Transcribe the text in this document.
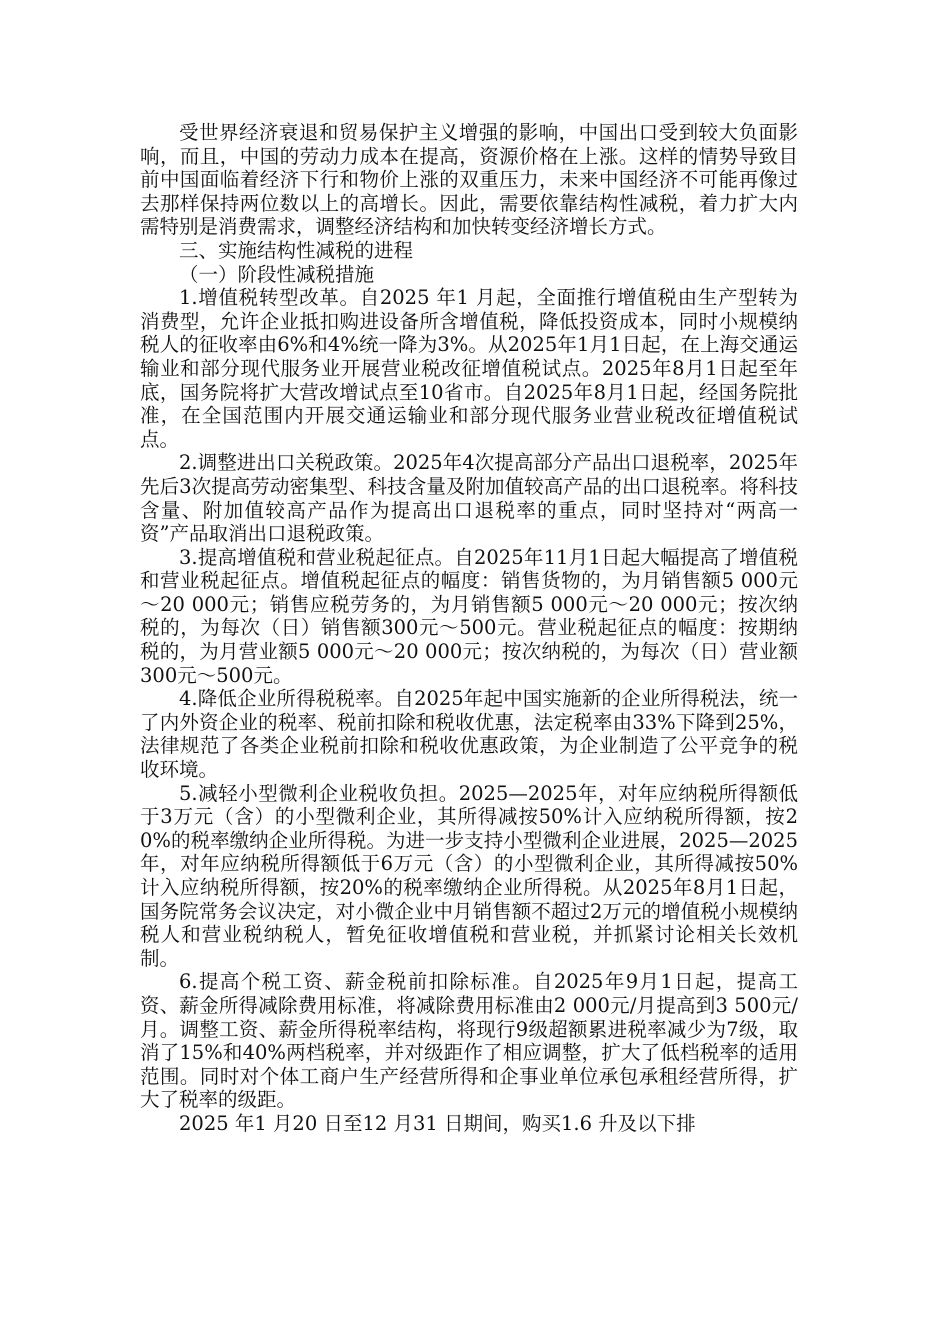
受世界经济衰退和贸易保护主义增强的影响，中国出口受到较大负面影响，而且，中国的劳动力成本在提高，资源价格在上涨。这样的情势导致目前中国面临着经济下行和物价上涨的双重压力，未来中国经济不可能再像过去那样保持两位数以上的高增长。因此，需要依靠结构性减税，着力扩大内需特别是消费需求，调整经济结构和加快转变经济增长方式。

三、实施结构性减税的进程

（一）阶段性减税措施

1.增值税转型改革。自2025 年1 月起，全面推行增值税由生产型转为消费型，允许企业抵扣购进设备所含增值税，降低投资成本，同时小规模纳税人的征收率由6%和4%统一降为3%。从2025年1月1日起，在上海交通运输业和部分现代服务业开展营业税改征增值税试点。2025年8月1日起至年底，国务院将扩大营改增试点至10省市。自2025年8月1日起，经国务院批准，在全国范围内开展交通运输业和部分现代服务业营业税改征增值税试点。

2.调整进出口关税政策。2025年4次提高部分产品出口退税率，2025年先后3次提高劳动密集型、科技含量及附加值较高产品的出口退税率。将科技含量、附加值较高产品作为提高出口退税率的重点，同时坚持对“两高一资”产品取消出口退税政策。

3.提高增值税和营业税起征点。自2025年11月1日起大幅提高了增值税和营业税起征点。增值税起征点的幅度：销售货物的，为月销售额5 000元～20 000元；销售应税劳务的，为月销售额5 000元～20 000元；按次纳税的，为每次（日）销售额300元～500元。营业税起征点的幅度：按期纳税的，为月营业额5 000元～20 000元；按次纳税的，为每次（日）营业额300元～500元。

4.降低企业所得税税率。自2025年起中国实施新的企业所得税法，统一了内外资企业的税率、税前扣除和税收优惠，法定税率由33%下降到25%，法律规范了各类企业税前扣除和税收优惠政策，为企业制造了公平竞争的税收环境。

5.减轻小型微利企业税收负担。2025—2025年，对年应纳税所得额低于3万元（含）的小型微利企业，其所得减按50%计入应纳税所得额，按20%的税率缴纳企业所得税。为进一步支持小型微利企业进展，2025—2025年，对年应纳税所得额低于6万元（含）的小型微利企业，其所得减按50%计入应纳税所得额，按20%的税率缴纳企业所得税。从2025年8月1日起，国务院常务会议决定，对小微企业中月销售额不超过2万元的增值税小规模纳税人和营业税纳税人，暂免征收增值税和营业税，并抓紧讨论相关长效机制。

6.提高个税工资、薪金税前扣除标准。自2025年9月1日起，提高工资、薪金所得减除费用标准，将减除费用标准由2 000元/月提高到3 500元/月。调整工资、薪金所得税率结构，将现行9级超额累进税率减少为7级，取消了15%和40%两档税率，并对级距作了相应调整，扩大了低档税率的适用范围。同时对个体工商户生产经营所得和企事业单位承包承租经营所得，扩大了税率的级距。

2025 年1 月20 日至12 月31 日期间，购买1.6 升及以下排
